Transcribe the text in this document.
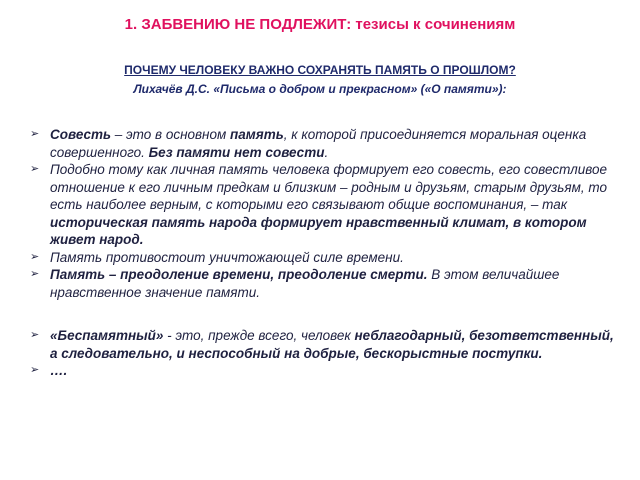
1. ЗАБВЕНИЮ НЕ ПОДЛЕЖИТ: тезисы к сочинениям

ПОЧЕМУ ЧЕЛОВЕКУ ВАЖНО СОХРАНЯТЬ ПАМЯТЬ О ПРОШЛОМ?

Лихачёв Д.С. «Письма о добром и прекрасном» («О памяти»):

➢ Совесть – это в основном память, к которой присоединяется моральная оценка совершенного. Без памяти нет совести.
➢ Подобно тому как личная память человека формирует его совесть, его совестливое отношение к его личным предкам и близким – родным и друзьям, старым друзьям, то есть наиболее верным, с которыми его связывают общие воспоминания, – так историческая память народа формирует нравственный климат, в котором живет народ.
➢ Память противостоит уничтожающей силе времени.
➢ Память – преодоление времени, преодоление смерти. В этом величайшее нравственное значение памяти.
➢ «Беспамятный» - это, прежде всего, человек неблагодарный, безответственный, а следовательно, и неспособный на добрые, бескорыстные поступки.
➢ ….
